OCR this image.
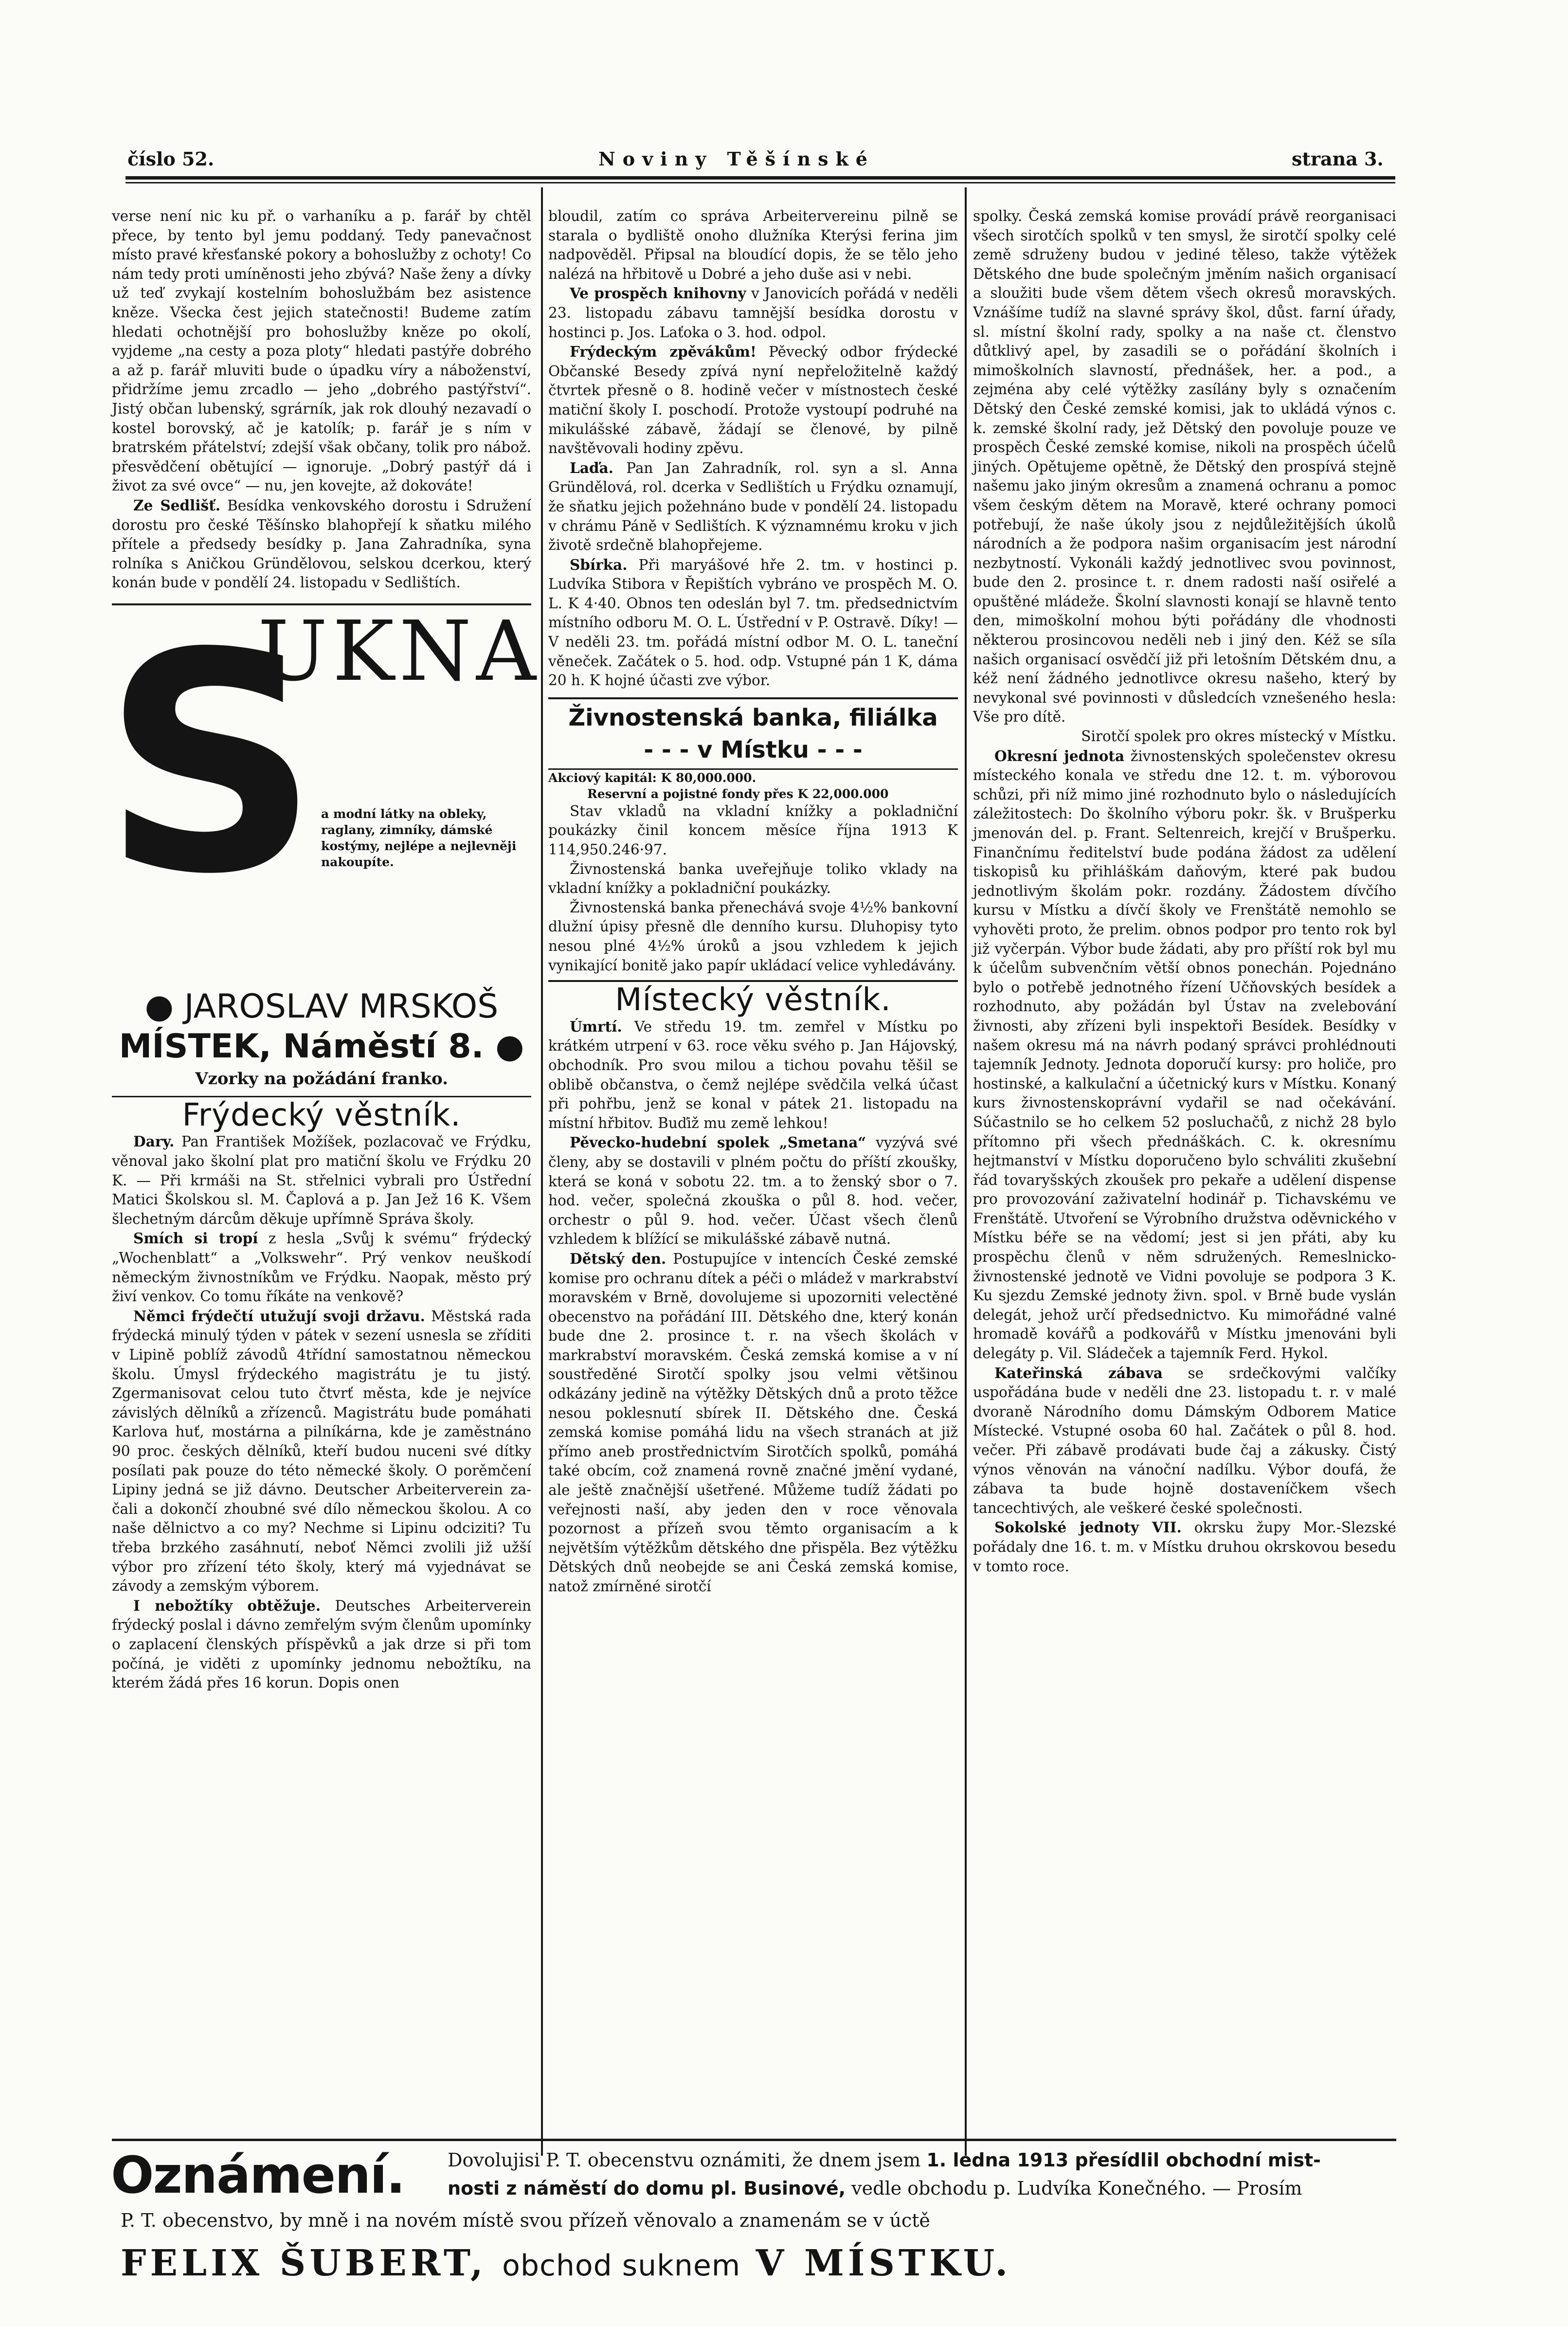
číslo 52.	Noviny Těšínské	strana 3.

verse není nic ku př. o varhaníku a p. farář by chtěl přece, by tento byl jemu poddaný. Tedy panevačnost místo pravé křesťanské pokory a bohoslužby z ochoty! Co nám tedy proti umíněnosti jeho zbývá? Naše ženy a dívky už teď zvykají kostelním bohoslužbám bez asistence kněze. Všecka čest jejich statečnosti! Budeme zatím hledati ochotnější pro bohoslužby kněze po okolí, vyjdeme „na cesty a poza ploty“ hledati pastýře dobrého a až p. farář mluviti bude o úpadku víry a náboženství, přidržíme jemu zrcadlo — jeho „dobrého pastýřství“. Jistý občan lubenský, sgrárník, jak rok dlouhý nezavadí o kostel borovský, ač je katolík; p. farář je s ním v bratrském přátelství; zdejší však občany, tolik pro nábož. přesvědčení obětující — ignoruje. „Dobrý pastýř dá i život za své ovce“ — nu, jen kovejte, až dokováte!

Ze Sedlišť. Besídka venkovského dorostu i Sdružení dorostu pro české Těšínsko blahopřejí k sňatku milého přítele a předsedy besídky p. Jana Zahradníka, syna rolníka s Aničkou Gründělovou, selskou dcerkou, který konán bude v pondělí 24. listopadu v Sedlištích.

S
UKNA
a modní látky na obleky, raglany, zimníky, dámské kostýmy, nejlépe a nejlevněji nakoupíte.
● JAROSLAV MRSKOŠ
MÍSTEK, Náměstí 8. ●
Vzorky na požádání franko.
Frýdecký věstník.

Dary. Pan František Možíšek, pozlacovač ve Frýdku, věnoval jako školní plat pro matiční školu ve Frýdku 20 K. — Při krmáši na St. střelnici vybrali pro Ústřední Matici Školskou sl. M. Čaplová a p. Jan Jež 16 K. Všem šlechetným dárcům děkuje upřímně Správa školy.

Smích si tropí z hesla „Svůj k svému“ frýdecký „Wochenblatt“ a „Volkswehr“. Prý venkov neuškodí německým živnostníkům ve Frýdku. Naopak, město prý živí venkov. Co tomu říkáte na venkově?

Němci frýdečtí utužují svoji državu. Městská rada frýdecká minulý týden v pátek v sezení usnesla se zříditi v Lipině poblíž závodů 4třídní samostatnou německou školu. Úmysl frýdeckého magistrátu je tu jistý. Zgermanisovat celou tuto čtvrť města, kde je nejvíce závislých dělníků a zřízenců. Magistrátu bude pomáhati Karlova huť, mostárna a pilníkárna, kde je zaměstnáno 90 proc. českých dělníků, kteří budou nuceni své dítky posílati pak pouze do této německé školy. O porěmčení Lipiny jedná se již dávno. Deutscher Arbeiterverein za-čali a dokončí zhoubné své dílo německou školou. A co naše dělnictvo a co my? Nechme si Lipinu odciziti? Tu třeba brzkého zasáhnutí, neboť Němci zvolili již užší výbor pro zřízení této školy, který má vyjednávat se závody a zemským výborem.

I nebožtíky obtěžuje. Deutsches Arbeiterverein frýdecký poslal i dávno zemřelým svým členům upomínky o zaplacení členských příspěvků a jak drze si při tom počíná, je viděti z upomínky jednomu nebožtíku, na kterém žádá přes 16 korun. Dopis onen

bloudil, zatím co správa Arbeitervereinu pilně se starala o bydliště onoho dlužníka Kterýsi ferina jim nadpověděl. Připsal na bloudící dopis, že se tělo jeho nalézá na hřbitově u Dobré a jeho duše asi v nebi.

Ve prospěch knihovny v Janovicích pořádá v neděli 23. listopadu zábavu tamnější besídka dorostu v hostinci p. Jos. Laťoka o 3. hod. odpol.

Frýdeckým zpěvákům! Pěvecký odbor frýdecké Občanské Besedy zpívá nyní nepřeložitelně každý čtvrtek přesně o 8. hodině večer v místnostech české matiční školy I. poschodí. Protože vystoupí podruhé na mikulášské zábavě, žádají se členové, by pilně navštěvovali hodiny zpěvu.

Laďa. Pan Jan Zahradník, rol. syn a sl. Anna Gründělová, rol. dcerka v Sedlištích u Frýdku oznamují, že sňatku jejich požehnáno bude v pondělí 24. listopadu v chrámu Páně v Sedlištích. K významnému kroku v jich životě srdečně blahopřejeme.

Sbírka. Při maryášové hře 2. tm. v hostinci p. Ludvíka Stibora v Řepištích vybráno ve prospěch M. O. L. K 4·40. Obnos ten odeslán byl 7. tm. předsednictvím místního odboru M. O. L. Ústřední v P. Ostravě. Díky! — V neděli 23. tm. pořádá místní odbor M. O. L. taneční věneček. Začátek o 5. hod. odp. Vstupné pán 1 K, dáma 20 h. K hojné účasti zve výbor.

Živnostenská banka, filiálka
- - - v Místku - - -
Akciový kapitál: K 80,000.000.
Reservní a pojistné fondy přes K 22,000.000

Stav vkladů na vkladní knížky a pokladniční poukázky činil koncem měsíce října 1913 K 114,950.246·97.

Živnostenská banka uveřejňuje toliko vklady na vkladní knížky a pokladniční poukázky.

Živnostenská banka přenechává svoje 4½% bankovní dlužní úpisy přesně dle denního kursu. Dluhopisy tyto nesou plné 4½% úroků a jsou vzhledem k jejich vynikající bonitě jako papír ukládací velice vyhledávány.

Místecký věstník.

Úmrtí. Ve středu 19. tm. zemřel v Místku po krátkém utrpení v 63. roce věku svého p. Jan Hájovský, obchodník. Pro svou milou a tichou povahu těšil se oblibě občanstva, o čemž nejlépe svědčila velká účast při pohřbu, jenž se konal v pátek 21. listopadu na místní hřbitov. Buďiž mu země lehkou!

Pěvecko-hudební spolek „Smetana“ vyzývá své členy, aby se dostavili v plném počtu do příští zkoušky, která se koná v sobotu 22. tm. a to ženský sbor o 7. hod. večer, společná zkouška o půl 8. hod. večer, orchestr o půl 9. hod. večer. Účast všech členů vzhledem k blížící se mikulášské zábavě nutná.

Dětský den. Postupujíce v intencích České zemské komise pro ochranu dítek a péči o mládež v markrabství moravském v Brně, dovolujeme si upozorniti velectěné obecenstvo na pořádání III. Dětského dne, který konán bude dne 2. prosince t. r. na všech školách v markrabství moravském. Česká zemská komise a v ní soustředěné Sirotčí spolky jsou velmi většinou odkázány jedině na výtěžky Dětských dnů a proto těžce nesou poklesnutí sbírek II. Dětského dne. Česká zemská komise pomáhá lidu na všech stranách at již přímo aneb prostřednictvím Sirotčích spolků, pomáhá také obcím, což znamená rovně značné jmění vydané, ale ještě značnější ušetřené. Můžeme tudíž žádati po veřejnosti naší, aby jeden den v roce věnovala pozornost a přízeň svou těmto organisacím a k největším výtěžkům dětského dne přispěla. Bez výtěžku Dětských dnů neobejde se ani Česká zemská komise, natož zmírněné sirotčí

spolky. Česká zemská komise provádí právě reorganisaci všech sirotčích spolků v ten smysl, že sirotčí spolky celé země sdruženy budou v jediné těleso, takže výtěžek Dětského dne bude společným jměním našich organisací a sloužiti bude všem dětem všech okresů moravských. Vznášíme tudíž na slavné správy škol, důst. farní úřady, sl. místní školní rady, spolky a na naše ct. členstvo důtklivý apel, by zasadili se o pořádání školních i mimoškolních slavností, přednášek, her. a pod., a zejména aby celé výtěžky zasílány byly s označením Dětský den České zemské komisi, jak to ukládá výnos c. k. zemské školní rady, jež Dětský den povoluje pouze ve prospěch České zemské komise, nikoli na prospěch účelů jiných. Opětujeme opětně, že Dětský den prospívá stejně našemu jako jiným okresům a znamená ochranu a pomoc všem českým dětem na Moravě, které ochrany pomoci potřebují, že naše úkoly jsou z nejdůležitějších úkolů národních a že podpora našim organisacím jest národní nezbytností. Vykonáli každý jednotlivec svou povinnost, bude den 2. prosince t. r. dnem radosti naší osiřelé a opuštěné mládeže. Školní slavnosti konají se hlavně tento den, mimoškolní mohou býti pořádány dle vhodnosti některou prosincovou neděli neb i jiný den. Kéž se síla našich organisací osvědčí již při letošním Dětském dnu, a kéž není žádného jednotlivce okresu našeho, který by nevykonal své povinnosti v důsledcích vznešeného hesla: Vše pro dítě.

Sirotčí spolek pro okres místecký v Místku.

Okresní jednota živnostenských společenstev okresu místeckého konala ve středu dne 12. t. m. výborovou schůzi, při níž mimo jiné rozhodnuto bylo o následujících záležitostech: Do školního výboru pokr. šk. v Brušperku jmenován del. p. Frant. Seltenreich, krejčí v Brušperku. Finančnímu ředitelství bude podána žádost za udělení tiskopisů ku přihláškám daňovým, které pak budou jednotlivým školám pokr. rozdány. Žádostem dívčího kursu v Místku a dívčí školy ve Frenštátě nemohlo se vyhověti proto, že prelim. obnos podpor pro tento rok byl již vyčerpán. Výbor bude žádati, aby pro příští rok byl mu k účelům subvenčním větší obnos ponechán. Pojednáno bylo o potřebě jednotného řízení Učňovských besídek a rozhodnuto, aby požádán byl Ústav na zvelebování živnosti, aby zřízeni byli inspektoři Besídek. Besídky v našem okresu má na návrh podaný správci prohlédnouti tajemník Jednoty. Jednota doporučí kursy: pro holiče, pro hostinské, a kalkulační a účetnický kurs v Místku. Konaný kurs živnostenskoprávní vydařil se nad očekávání. Súčastnilo se ho celkem 52 posluchačů, z nichž 28 bylo přítomno při všech přednáškách. C. k. okresnímu hejtmanství v Místku doporučeno bylo schváliti zkušební řád tovaryšských zkoušek pro pekaře a udělení dispense pro provozování zaživatelní hodinář p. Tichavskému ve Frenštátě. Utvoření se Výrobního družstva oděvnického v Místku béře se na vědomí; jest si jen přáti, aby ku prospěchu členů v něm sdružených. Remeslnicko-živnostenské jednotě ve Vidni povoluje se podpora 3 K. Ku sjezdu Zemské jednoty živn. spol. v Brně bude vyslán delegát, jehož určí předsednictvo. Ku mimořádné valné hromadě kovářů a podkovářů v Místku jmenováni byli delegáty p. Vil. Sládeček a tajemník Ferd. Hykol.

Kateřinská zábava se srdečkovými valčíky uspořádána bude v neděli dne 23. listopadu t. r. v malé dvoraně Národního domu Dámským Odborem Matice Místecké. Vstupné osoba 60 hal. Začátek o půl 8. hod. večer. Při zábavě prodávati bude čaj a zákusky. Čistý výnos věnován na vánoční nadílku. Výbor doufá, že zábava ta bude hojně dostaveníčkem všech tancechtivých, ale veškeré české společnosti.

Sokolské jednoty VII. okrsku župy Mor.-Slezské pořádaly dne 16. t. m. v Místku druhou okrskovou besedu v tomto roce.

Oznámení. Dovolujisi P. T. obecenstvu oznámiti, že dnem jsem 1. ledna 1913 přesídlil obchodní mist-
nosti z náměstí do domu pl. Businové, vedle obchodu p. Ludvíka Konečného. — Prosím
P. T. obecenstvo, by mně i na novém místě svou přízeň věnovalo a znamenám se v úctě
FELIX ŠUBERT, obchod suknem V MÍSTKU.
